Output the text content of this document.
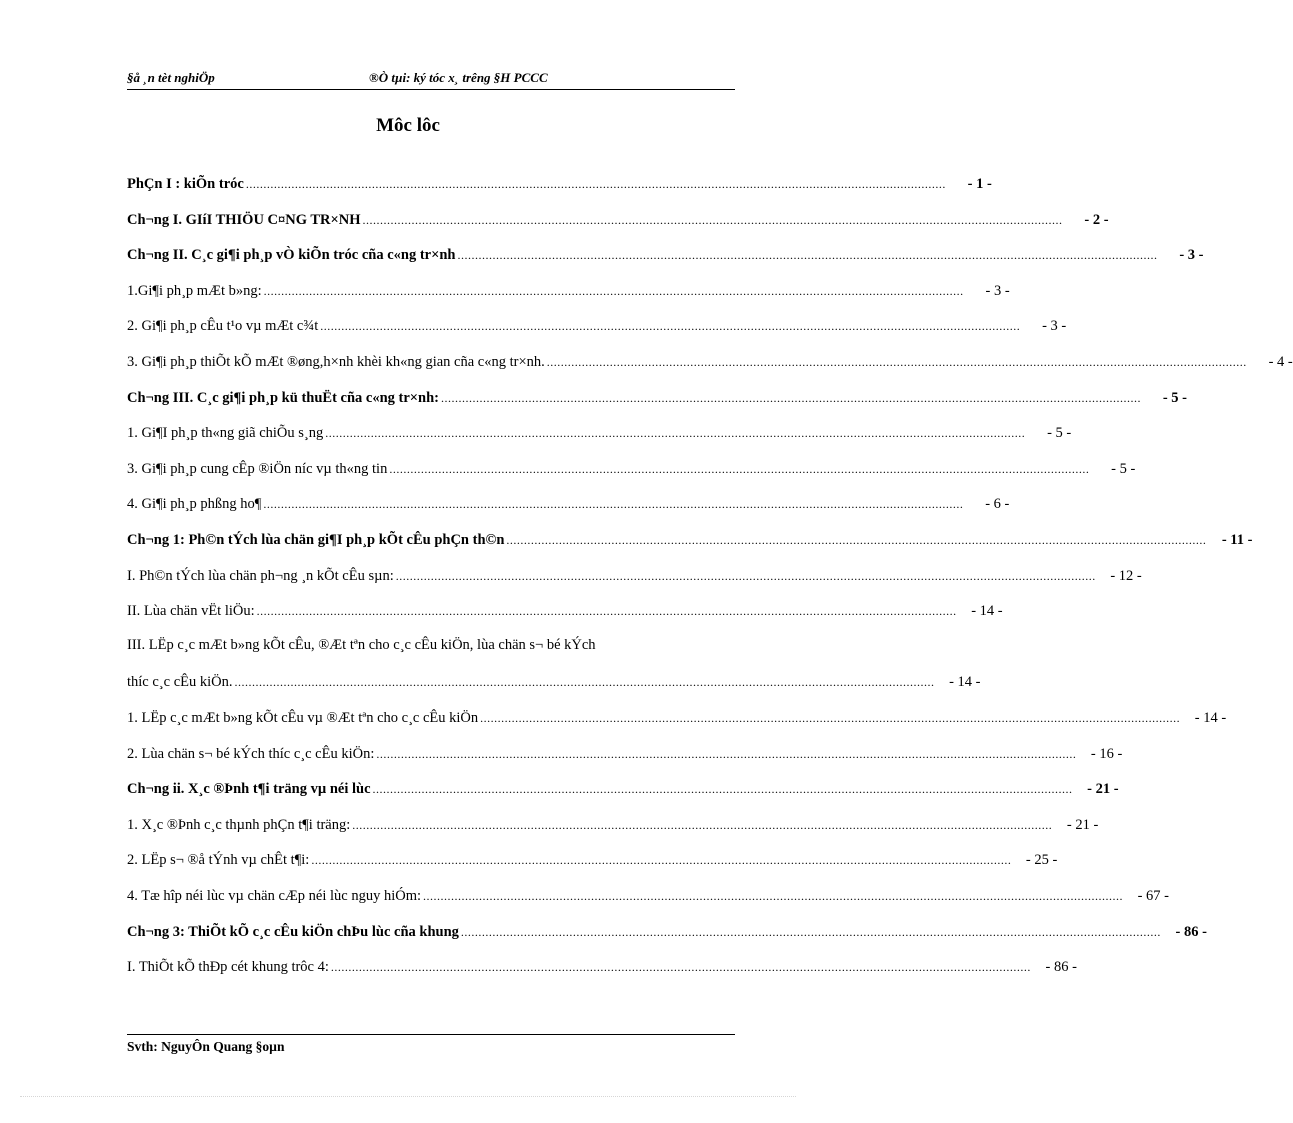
§å ¸n tèt nghiÖp	®Ò tµi: ký tóc x¸ trêng §H PCCC
Môc lôc
PhÇn I : kiÕn tróc ........................................................................................................................................................................................................	- 1 -
Ch¬ng I. GIíI THIÖU C¤NG TR×NH ........................................................................................................................................................................................................	- 2 -
Ch¬ng II. C¸c gi¶i ph¸p vÒ kiÕn tróc cña c«ng tr×nh ........................................................................................................................................................................................................	- 3 -
1.Gi¶i ph¸p mÆt b»ng: ........................................................................................................................................................................................................	- 3 -
2. Gi¶i ph¸p cÊu t¹o vµ mÆt c¾t ........................................................................................................................................................................................................	- 3 -
3. Gi¶i ph¸p thiÕt kÕ mÆt ®øng,h×nh khèi kh«ng gian cña c«ng tr×nh. ........................................................................................................................................................................................................	- 4 -
Ch¬ng III. C¸c gi¶i ph¸p kü thuËt cña c«ng tr×nh: ........................................................................................................................................................................................................	- 5 -
1. Gi¶I ph¸p th«ng giã chiÕu s¸ng ........................................................................................................................................................................................................	- 5 -
3. Gi¶i ph¸p cung cÊp ®iÖn níc vµ th«ng tin ........................................................................................................................................................................................................	- 5 -
4. Gi¶i ph¸p phßng ho¶ ........................................................................................................................................................................................................	- 6 -
Ch¬ng 1: Ph©n tÝch lùa chän gi¶I ph¸p kÕt cÊu phÇn th©n ........................................................................................................................................................................................................	- 11 -
I. Ph©n tÝch lùa chän ph¬ng ¸n kÕt cÊu sµn: ........................................................................................................................................................................................................	- 12 -
II. Lùa chän vËt liÖu: ........................................................................................................................................................................................................	- 14 -
III. LËp c¸c mÆt b»ng kÕt cÊu, ®Æt tªn cho c¸c cÊu kiÖn, lùa chän s¬ bé kÝch
thíc c¸c cÊu kiÖn. ........................................................................................................................................................................................................	- 14 -
1. LËp c¸c mÆt b»ng kÕt cÊu vµ ®Æt tªn cho c¸c cÊu kiÖn ........................................................................................................................................................................................................	- 14 -
2. Lùa chän s¬ bé kÝch thíc c¸c cÊu kiÖn: ........................................................................................................................................................................................................	- 16 -
Ch¬ng ii. X¸c ®Þnh t¶i träng vµ néi lùc ........................................................................................................................................................................................................	- 21 -
1. X¸c ®Þnh c¸c thµnh phÇn t¶i träng: ........................................................................................................................................................................................................	- 21 -
2. LËp s¬ ®å tÝnh vµ chÊt t¶i: ........................................................................................................................................................................................................	- 25 -
4. Tæ hîp néi lùc vµ chän cÆp néi lùc nguy hiÓm: ........................................................................................................................................................................................................	- 67 -
Ch¬ng 3: ThiÕt kÕ c¸c cÊu kiÖn chÞu lùc cña khung ........................................................................................................................................................................................................	- 86 -
I. ThiÕt kÕ thÐp cét khung trôc 4: ........................................................................................................................................................................................................	- 86 -
Svth: NguyÔn Quang §oµn
